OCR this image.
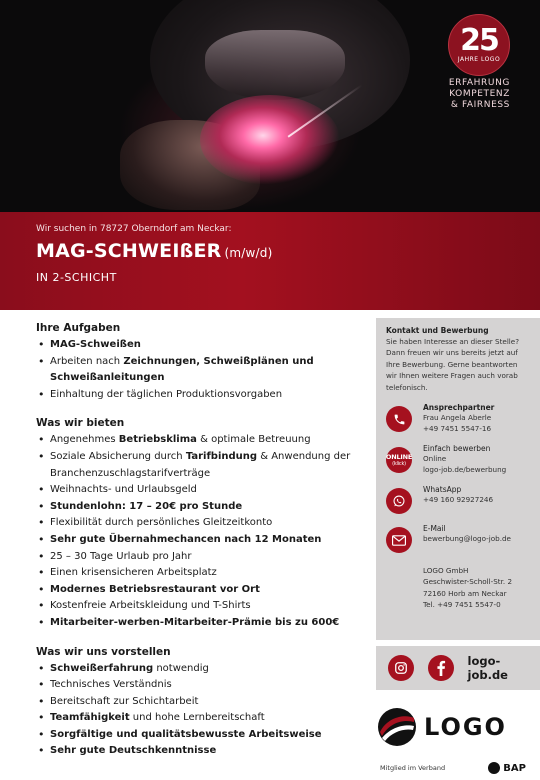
25
JAHRE LOGO
ERFAHRUNG
KOMPETENZ
& FAIRNESS
Wir suchen in 78727 Oberndorf am Neckar:
MAG-SCHWEIßER (m/w/d)
IN 2-SCHICHT
Ihre Aufgaben
• MAG-Schweißen
• Arbeiten nach Zeichnungen, Schweißplänen und Schweißanleitungen
• Einhaltung der täglichen Produktionsvorgaben
Was wir bieten
• Angenehmes Betriebsklima & optimale Betreuung
• Soziale Absicherung durch Tarifbindung & Anwendung der Branchenzuschlagstarifverträge
• Weihnachts- und Urlaubsgeld
• Stundenlohn: 17 – 20€ pro Stunde
• Flexibilität durch persönliches Gleitzeitkonto
• Sehr gute Übernahmechancen nach 12 Monaten
• 25 – 30 Tage Urlaub pro Jahr
• Einen krisensicheren Arbeitsplatz
• Modernes Betriebsrestaurant vor Ort
• Kostenfreie Arbeitskleidung und T-Shirts
• Mitarbeiter-werben-Mitarbeiter-Prämie bis zu 600€
Was wir uns vorstellen
• Schweißerfahrung notwendig
• Technisches Verständnis
• Bereitschaft zur Schichtarbeit
• Teamfähigkeit und hohe Lernbereitschaft
• Sorgfältige und qualitätsbewusste Arbeitsweise
• Sehr gute Deutschkenntnisse
Kontakt und Bewerbung
Sie haben Interesse an dieser Stelle? Dann freuen wir uns bereits jetzt auf Ihre Bewerbung. Gerne beantworten wir Ihnen weitere Fragen auch vorab telefonisch.
Ansprechpartner
Frau Angela Aberle
+49 7451 5547-16
ONLINE
(klick)
Einfach bewerben
Online
logo-job.de/bewerbung
WhatsApp
+49 160 92927246
E-Mail
bewerbung@logo-job.de
LOGO GmbH
Geschwister-Scholl-Str. 2
72160 Horb am Neckar
Tel. +49 7451 5547-0
logo-job.de
LOGO
Mitglied im Verband	BAP
